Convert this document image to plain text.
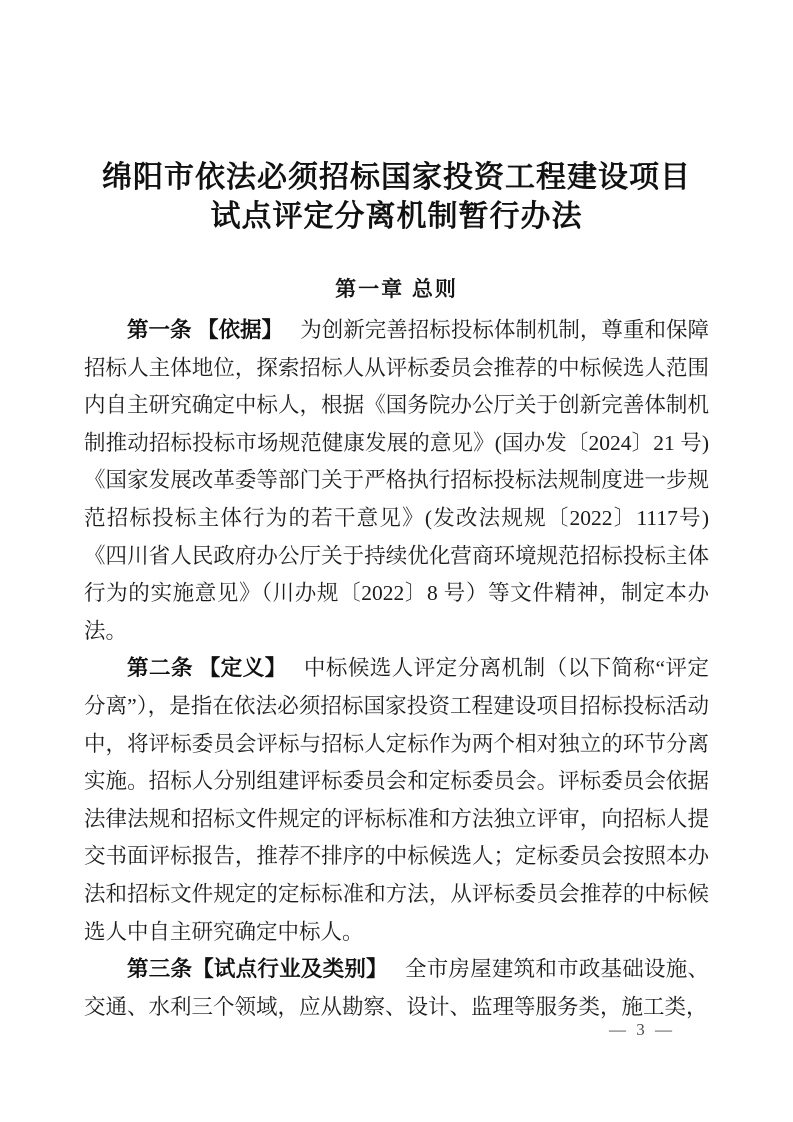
绵阳市依法必须招标国家投资工程建设项目
试点评定分离机制暂行办法
第一章 总则

第一条 【依据】 为创新完善招标投标体制机制，尊重和保障招标人主体地位，探索招标人从评标委员会推荐的中标候选人范围内自主研究确定中标人，根据《国务院办公厅关于创新完善体制机制推动招标投标市场规范健康发展的意见》(国办发〔2024〕21 号)《国家发展改革委等部门关于严格执行招标投标法规制度进一步规范招标投标主体行为的若干意见》(发改法规规〔2022〕1117号)《四川省人民政府办公厅关于持续优化营商环境规范招标投标主体行为的实施意见》（川办规〔2022〕8 号）等文件精神，制定本办法。

第二条 【定义】 中标候选人评定分离机制（以下简称“评定分离”），是指在依法必须招标国家投资工程建设项目招标投标活动中，将评标委员会评标与招标人定标作为两个相对独立的环节分离实施。招标人分别组建评标委员会和定标委员会。评标委员会依据法律法规和招标文件规定的评标标准和方法独立评审，向招标人提交书面评标报告，推荐不排序的中标候选人；定标委员会按照本办法和招标文件规定的定标标准和方法，从评标委员会推荐的中标候选人中自主研究确定中标人。

第三条【试点行业及类别】 全市房屋建筑和市政基础设施、交通、水利三个领域，应从勘察、设计、监理等服务类，施工类，

— 3 —
